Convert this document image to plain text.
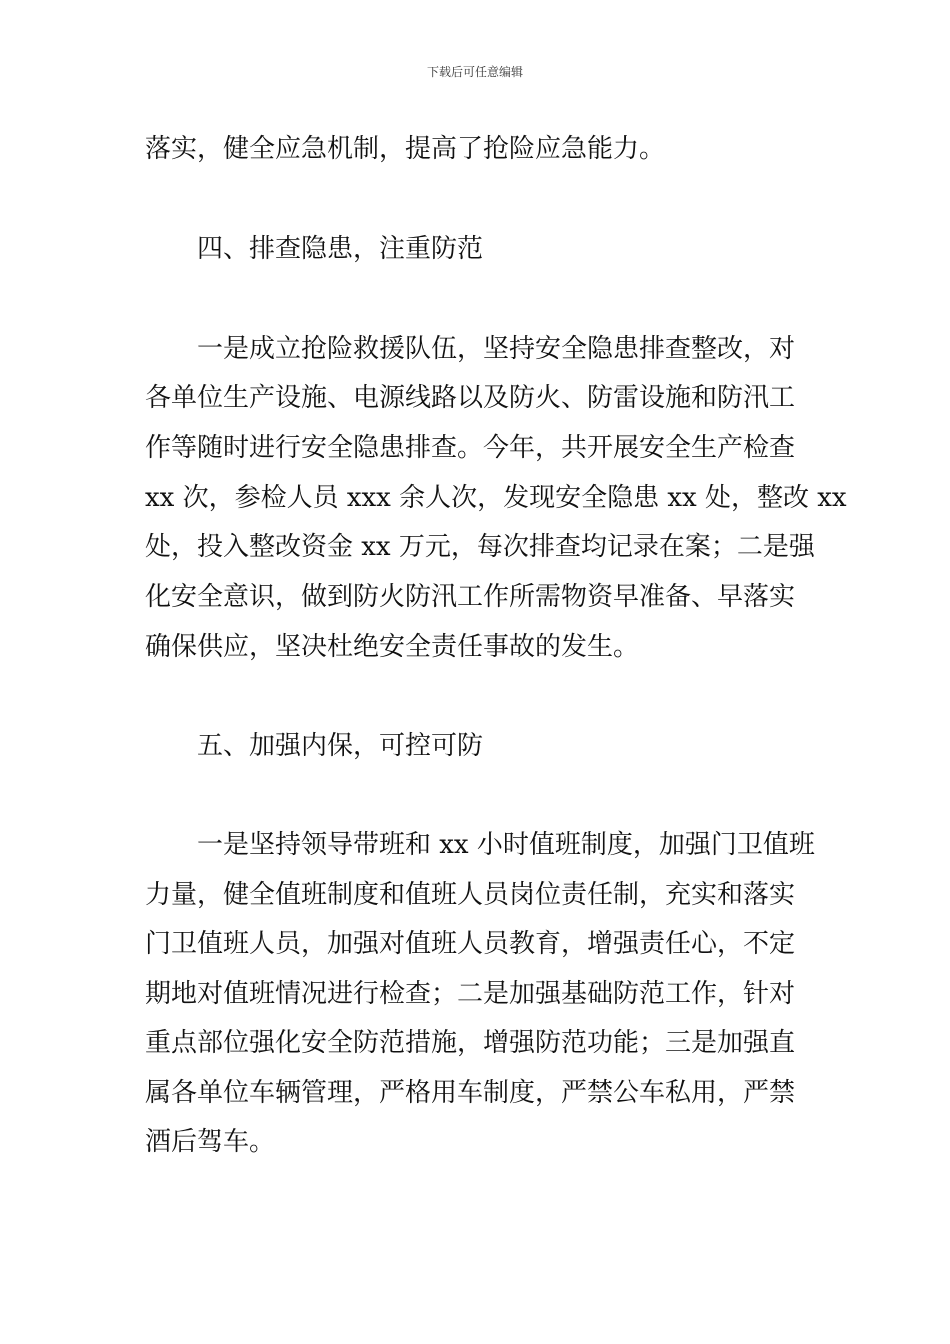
下载后可任意编辑
落实，健全应急机制，提高了抢险应急能力。
四、排查隐患，注重防范
一是成立抢险救援队伍，坚持安全隐患排查整改，对
各单位生产设施、电源线路以及防火、防雷设施和防汛工
作等随时进行安全隐患排查。今年，共开展安全生产检查
xx 次，参检人员 xxx 余人次，发现安全隐患 xx 处，整改 xx
处，投入整改资金 xx 万元，每次排查均记录在案；二是强
化安全意识，做到防火防汛工作所需物资早准备、早落实
确保供应，坚决杜绝安全责任事故的发生。
五、加强内保，可控可防
一是坚持领导带班和 xx 小时值班制度，加强门卫值班
力量，健全值班制度和值班人员岗位责任制，充实和落实
门卫值班人员，加强对值班人员教育，增强责任心，不定
期地对值班情况进行检查；二是加强基础防范工作，针对
重点部位强化安全防范措施，增强防范功能；三是加强直
属各单位车辆管理，严格用车制度，严禁公车私用，严禁
酒后驾车。
